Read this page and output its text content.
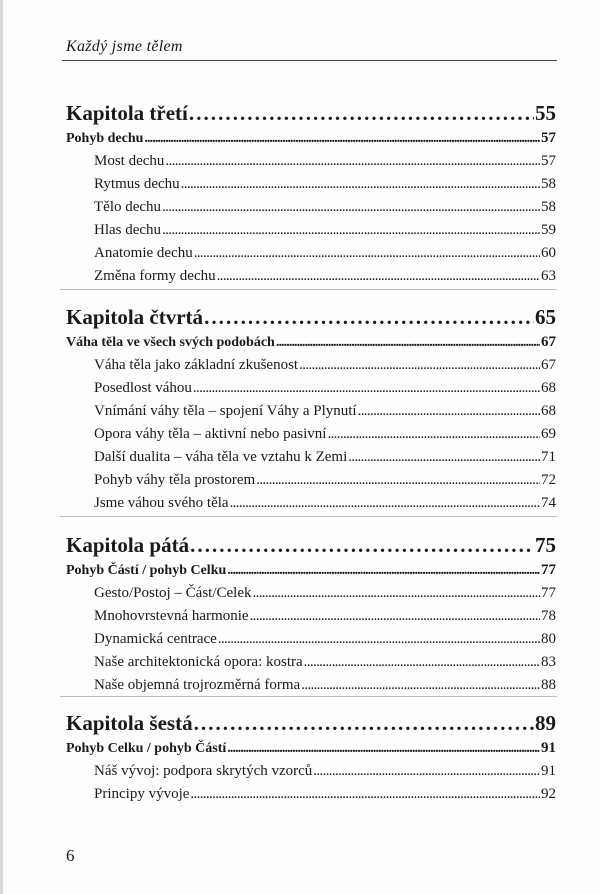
Každý jsme tělem
Kapitola třetí . . .	55
Pohyb dechu . . .	57
Most dechu . . .	57
Rytmus dechu . . .	58
Tělo dechu . . .	58
Hlas dechu . . .	59
Anatomie dechu . . .	60
Změna formy dechu . . .	63
Kapitola čtvrtá . . .	65
Váha těla ve všech svých podobách . . .	67
Váha těla jako základní zkušenost . . .	67
Posedlost váhou . . .	68
Vnímání váhy těla – spojení Váhy a Plynutí . . .	68
Opora váhy těla – aktivní nebo pasivní . . .	69
Další dualita – váha těla ve vztahu k Zemi . . .	71
Pohyb váhy těla prostorem . . .	72
Jsme váhou svého těla . . .	74
Kapitola pátá . . .	75
Pohyb Částí / pohyb Celku . . .	77
Gesto/Postoj – Část/Celek . . .	77
Mnohovrstevná harmonie . . .	78
Dynamická centrace . . .	80
Naše architektonická opora: kostra . . .	83
Naše objemná trojrozměrná forma . . .	88
Kapitola šestá . . .	89
Pohyb Celku / pohyb Částí . . .	91
Náš vývoj: podpora skrytých vzorců . . .	91
Principy vývoje . . .	92
6
